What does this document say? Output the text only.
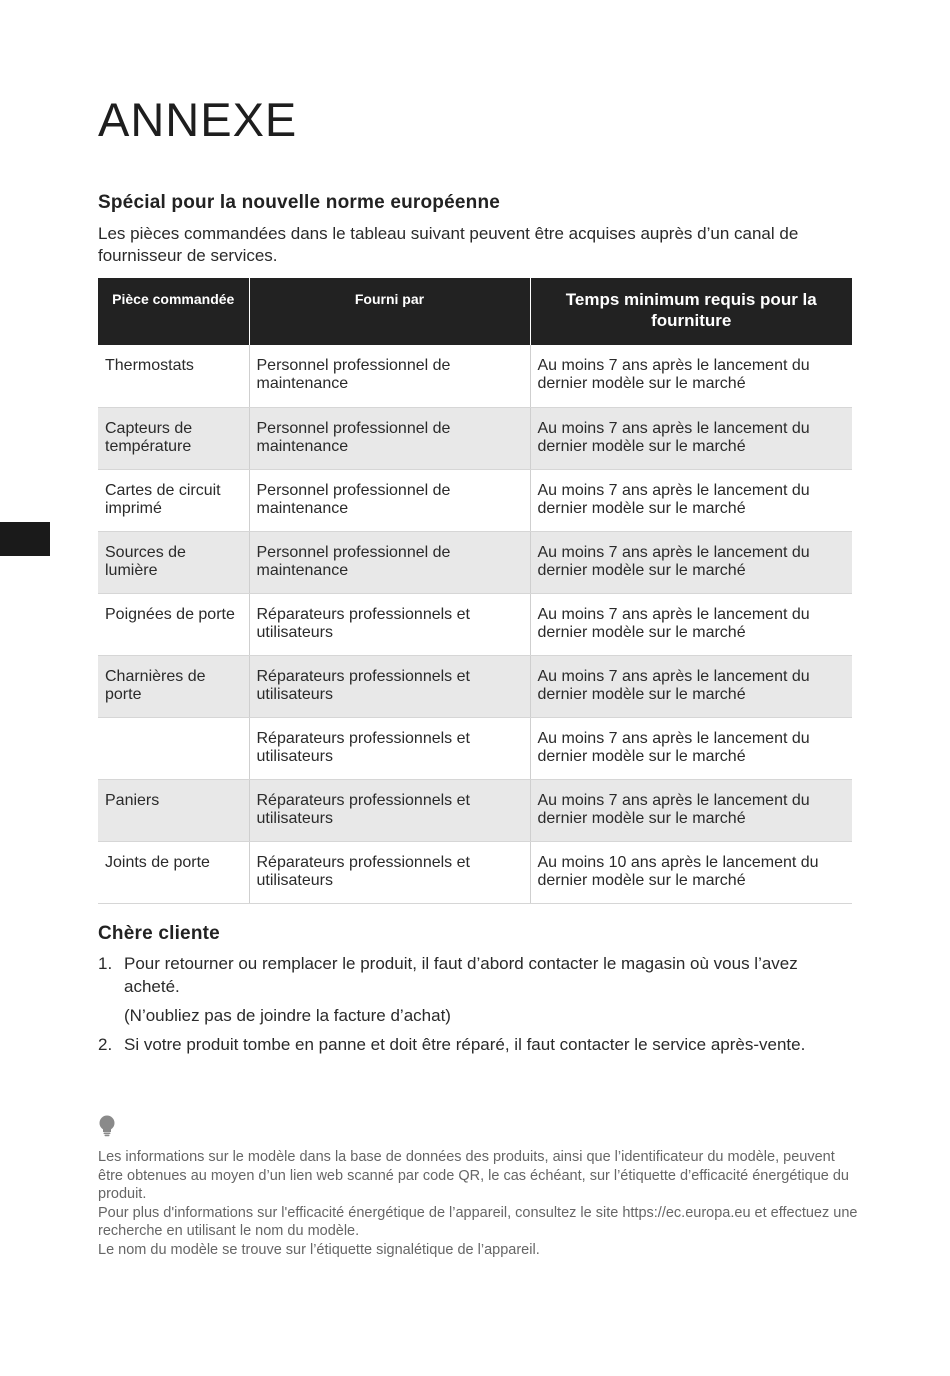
ANNEXE
Spécial pour la nouvelle norme européenne

Les pièces commandées dans le tableau suivant peuvent être acquises auprès d’un canal de fournisseur de services.

Pièce commandée	Fourni par	Temps minimum requis pour la fourniture
Thermostats	Personnel professionnel de maintenance	Au moins 7 ans après le lancement du dernier modèle sur le marché
Capteurs de température	Personnel professionnel de maintenance	Au moins 7 ans après le lancement du dernier modèle sur le marché
Cartes de circuit imprimé	Personnel professionnel de maintenance	Au moins 7 ans après le lancement du dernier modèle sur le marché
Sources de lumière	Personnel professionnel de maintenance	Au moins 7 ans après le lancement du dernier modèle sur le marché
Poignées de porte	Réparateurs professionnels et utilisateurs	Au moins 7 ans après le lancement du dernier modèle sur le marché
Charnières de porte	Réparateurs professionnels et utilisateurs	Au moins 7 ans après le lancement du dernier modèle sur le marché
	Réparateurs professionnels et utilisateurs	Au moins 7 ans après le lancement du dernier modèle sur le marché
Paniers	Réparateurs professionnels et utilisateurs	Au moins 7 ans après le lancement du dernier modèle sur le marché
Joints de porte	Réparateurs professionnels et utilisateurs	Au moins 10 ans après le lancement du dernier modèle sur le marché
Chère cliente
1. Pour retourner ou remplacer le produit, il faut d’abord contacter le magasin où vous l’avez acheté.
(N’oubliez pas de joindre la facture d’achat)
2. Si votre produit tombe en panne et doit être réparé, il faut contacter le service après-vente.

Les informations sur le modèle dans la base de données des produits, ainsi que l’identificateur du modèle, peuvent être obtenues au moyen d’un lien web scanné par code QR, le cas échéant, sur l’étiquette d’efficacité énergétique du produit.
Pour plus d'informations sur l'efficacité énergétique de l’appareil, consultez le site https://ec.europa.eu et effectuez une recherche en utilisant le nom du modèle.
Le nom du modèle se trouve sur l’étiquette signalétique de l’appareil.
